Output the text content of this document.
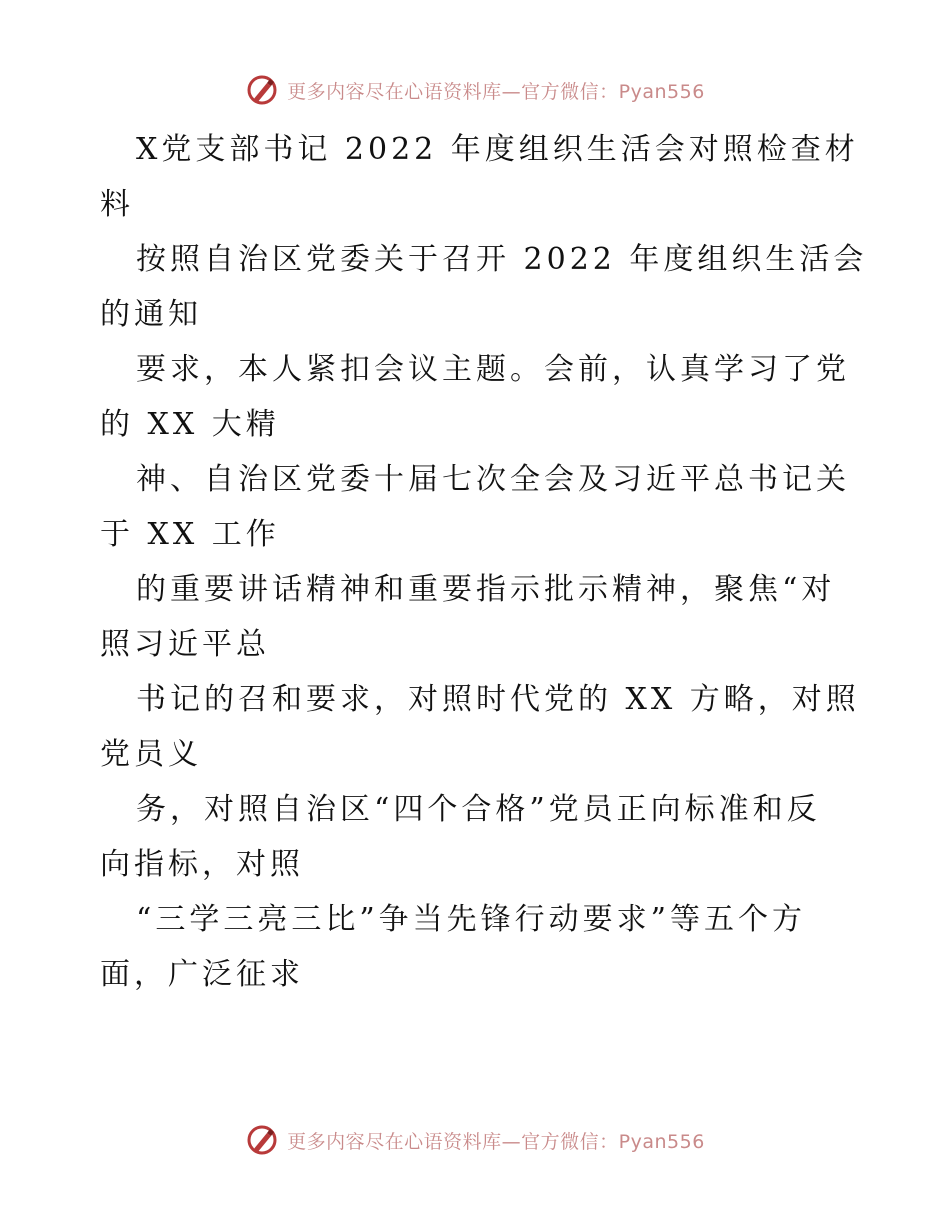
更多内容尽在心语资料库—官方微信：Pyan556
X党支部书记 2022 年度组织生活会对照检查材
料
按照自治区党委关于召开 2022 年度组织生活会
的通知
要求，本人紧扣会议主题。会前，认真学习了党
的 XX 大精
神、自治区党委十届七次全会及习近平总书记关
于 XX 工作
的重要讲话精神和重要指示批示精神，聚焦“对
照习近平总
书记的召和要求，对照时代党的 XX 方略，对照
党员义
务，对照自治区“四个合格”党员正向标准和反
向指标，对照
“三学三亮三比”争当先锋行动要求”等五个方
面，广泛征求
更多内容尽在心语资料库—官方微信：Pyan556
